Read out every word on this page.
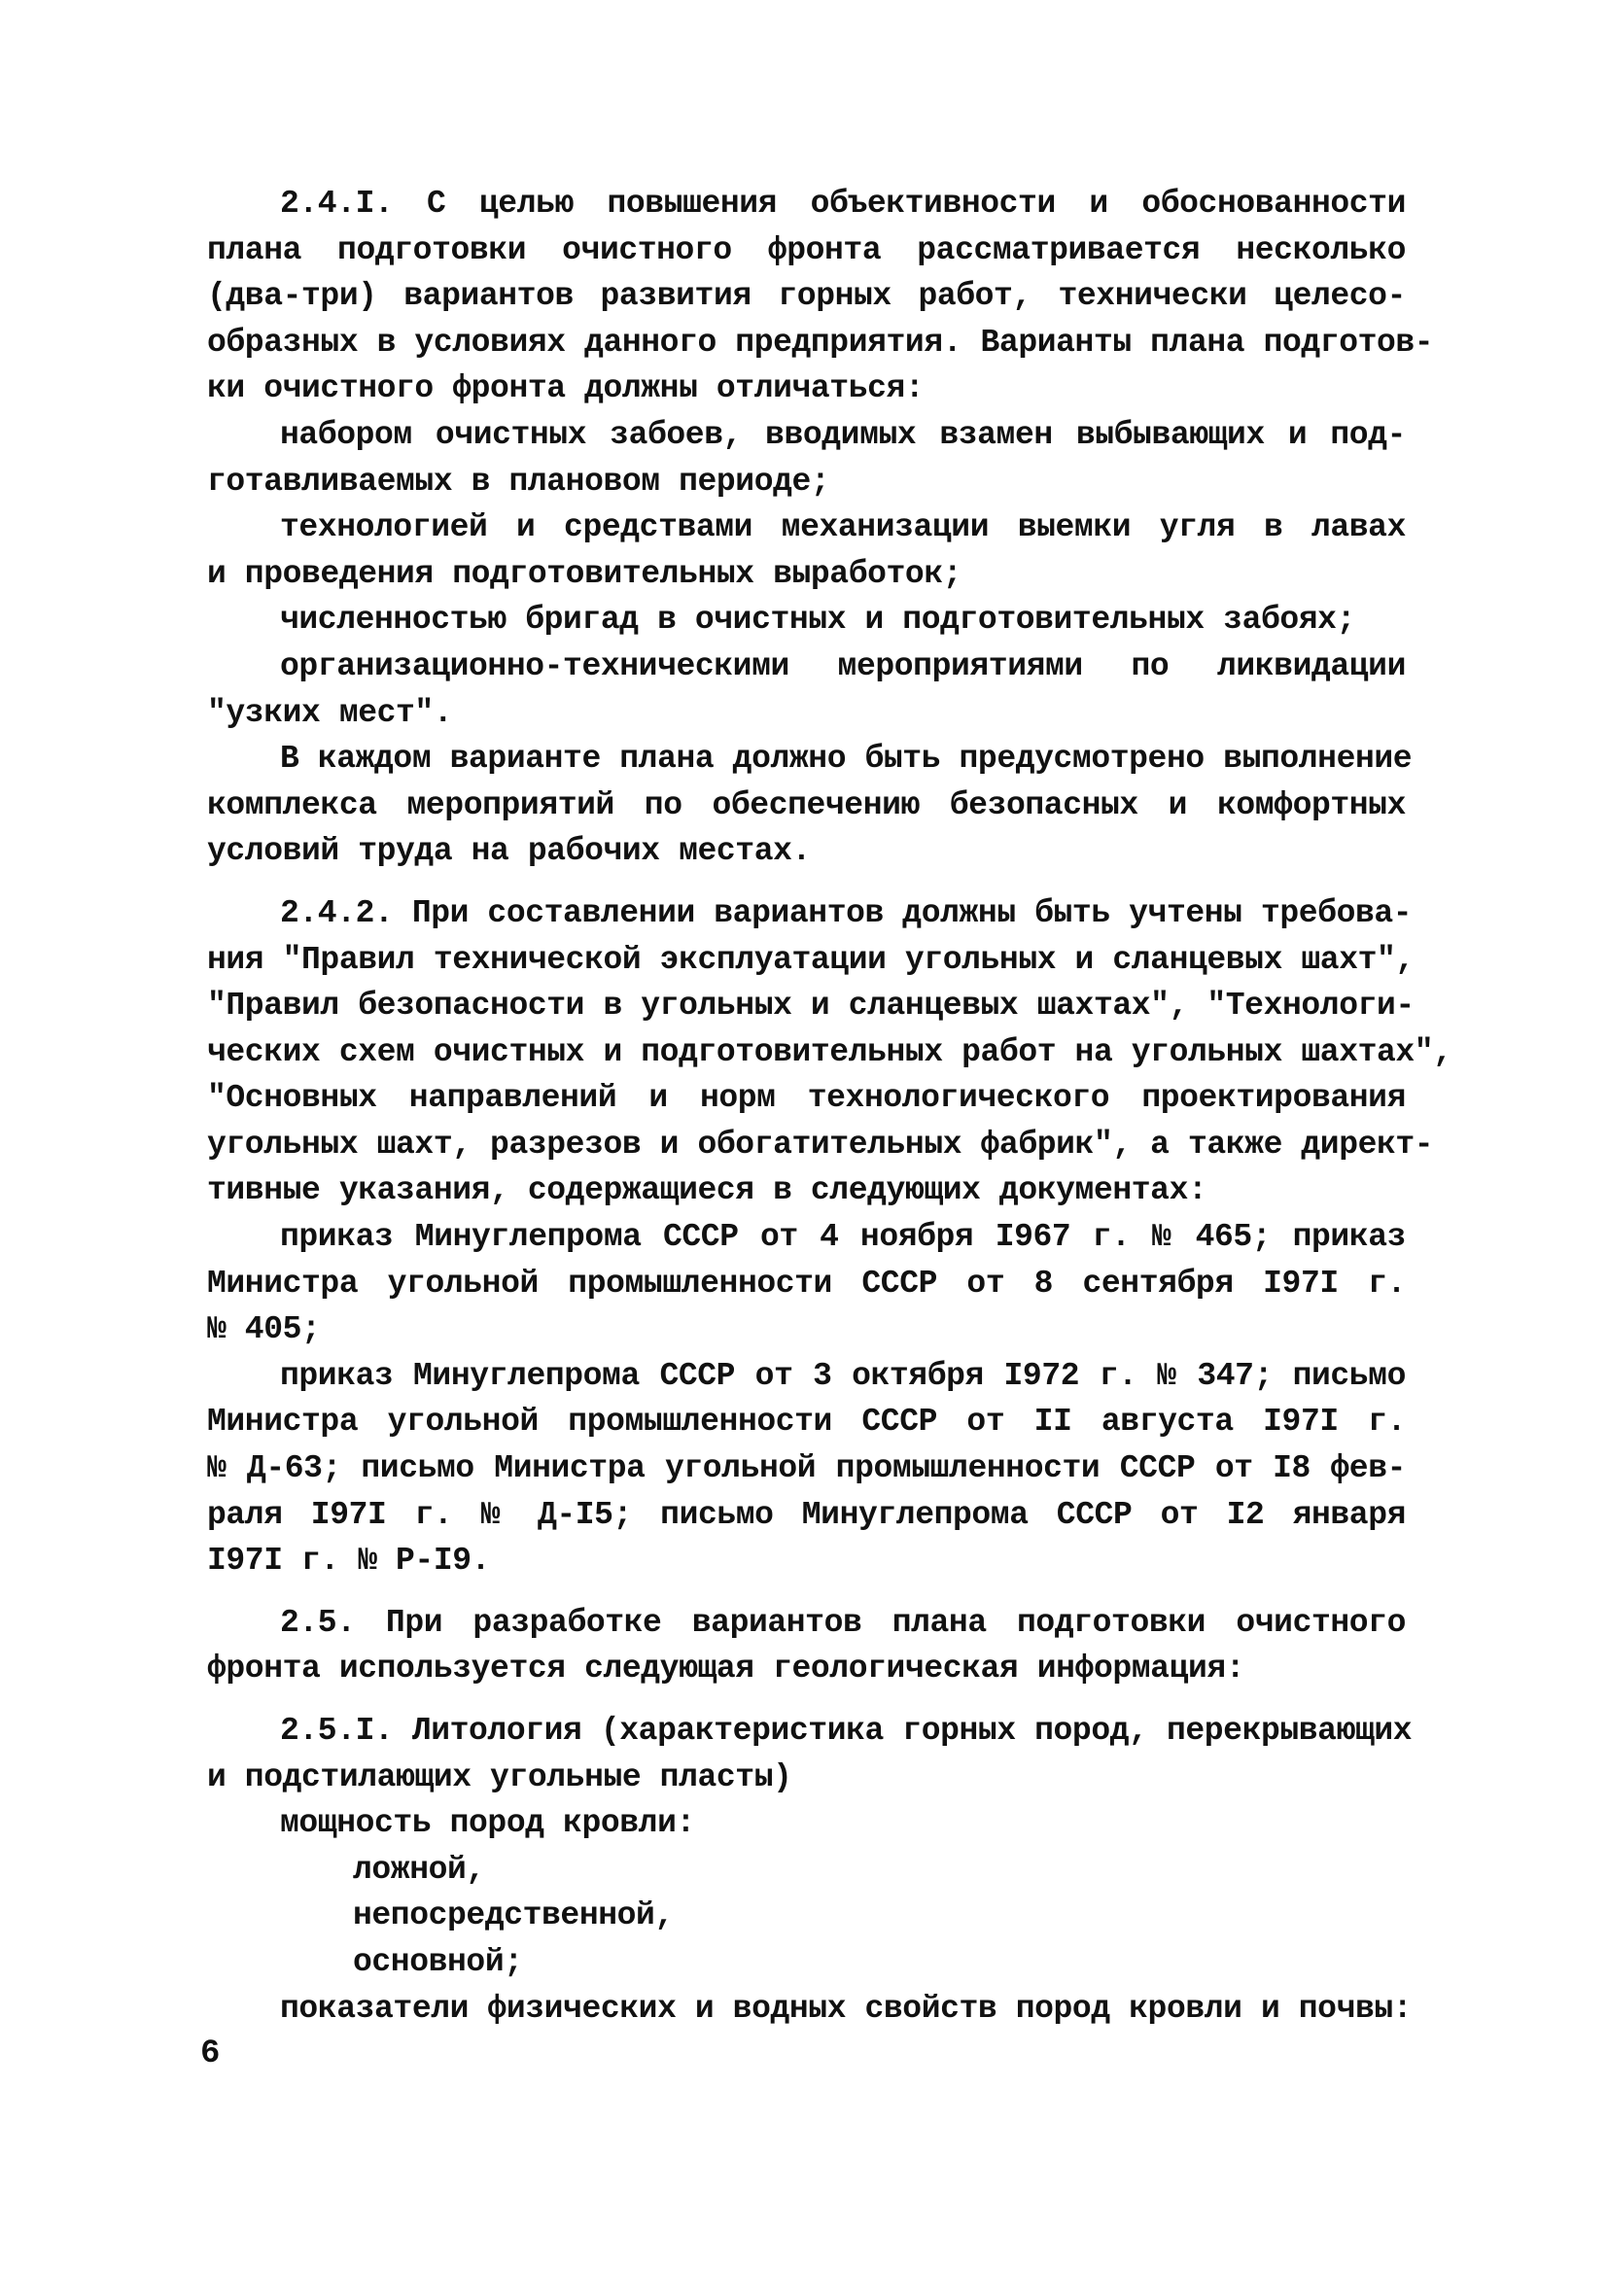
2.4.I. С целью повышения объективности и обоснованности
плана подготовки очистного фронта рассматривается несколько
(два-три) вариантов развития горных работ, технически целесо-
образных в условиях данного предприятия. Варианты плана подготов-
ки очистного фронта должны отличаться:
набором очистных забоев, вводимых взамен выбывающих и под-
готавливаемых в плановом периоде;
технологией и средствами механизации выемки угля в лавах
и проведения подготовительных выработок;
численностью бригад в очистных и подготовительных забоях;
организационно-техническими мероприятиями по ликвидации
"узких мест".
В каждом варианте плана должно быть предусмотрено выполнение
комплекса мероприятий по обеспечению безопасных и комфортных
условий труда на рабочих местах.
2.4.2. При составлении вариантов должны быть учтены требова-
ния "Правил технической эксплуатации угольных и сланцевых шахт",
"Правил безопасности в угольных и сланцевых шахтах", "Технологи-
ческих схем очистных и подготовительных работ на угольных шахтах",
"Основных направлений и норм технологического проектирования
угольных шахт, разрезов и обогатительных фабрик", а также директ-
тивные указания, содержащиеся в следующих документах:
приказ Минуглепрома СССР от 4 ноября I967 г. № 465; приказ
Министра угольной промышленности СССР от 8 сентября I97I г.
№ 405;
приказ Минуглепрома СССР от 3 октября I972 г. № 347; письмо
Министра угольной промышленности СССР от II августа I97I г.
№ Д-63; письмо Министра угольной промышленности СССР от I8 фев-
раля I97I г. № Д-I5; письмо Минуглепрома СССР от I2 января
I97I г. № Р-I9.
2.5. При разработке вариантов плана подготовки очистного
фронта используется следующая геологическая информация:
2.5.I. Литология (характеристика горных пород, перекрывающих
и подстилающих угольные пласты)
мощность пород кровли:
ложной,
непосредственной,
основной;
показатели физических и водных свойств пород кровли и почвы:
6
